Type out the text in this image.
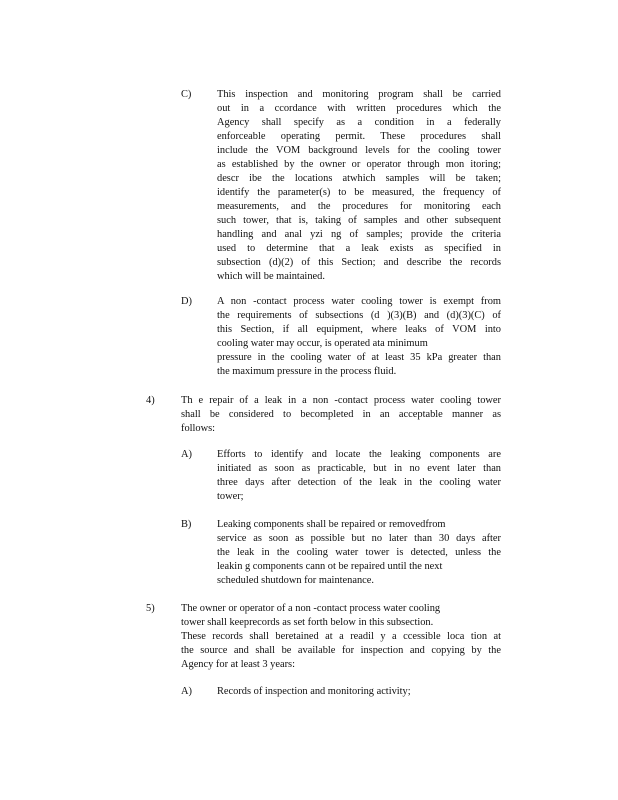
C) This inspection and monitoring program shall be carried
out in a ccordance with written procedures which the
Agency shall specify as a condition in a federally
enforceable operating permit. These procedures shall
include the VOM background levels for the cooling tower
as established by the owner or operator through mon itoring;
descr ibe the locations atwhich samples will be taken;
identify the parameter(s) to be measured, the frequency of
measurements, and the procedures for monitoring each
such tower, that is, taking of samples and other subsequent
handling and anal yzi ng of samples; provide the criteria
used to determine that a leak exists as specified in
subsection (d)(2) of this Section; and describe the records
which will be maintained.
D) A non -contact process water cooling tower is exempt from
the requirements of subsections (d )(3)(B) and (d)(3)(C) of
this Section, if all equipment, where leaks of VOM into
cooling water may occur, is operated ata minimum
pressure in the cooling water of at least 35 kPa greater than
the maximum pressure in the process fluid.
4)	Th e repair of a leak in a non -contact process water cooling tower
shall be considered to becompleted in an acceptable manner as
follows:
A) Efforts to identify and locate the leaking components are
initiated as soon as practicable, but in no event later than
three days after detection of the leak in the cooling water
tower;
B) Leaking components shall be repaired or removedfrom
service as soon as possible but no later than 30 days after
the leak in the cooling water tower is detected, unless the
leakin g components cann ot be repaired until the next
scheduled shutdown for maintenance.
5)	The owner or operator of a non -contact process water cooling
tower shall keeprecords as set forth below in this subsection.
These records shall beretained at a readil y a ccessible loca tion at
the source and shall be available for inspection and copying by the
Agency for at least 3 years:
A) Records of inspection and monitoring activity;
